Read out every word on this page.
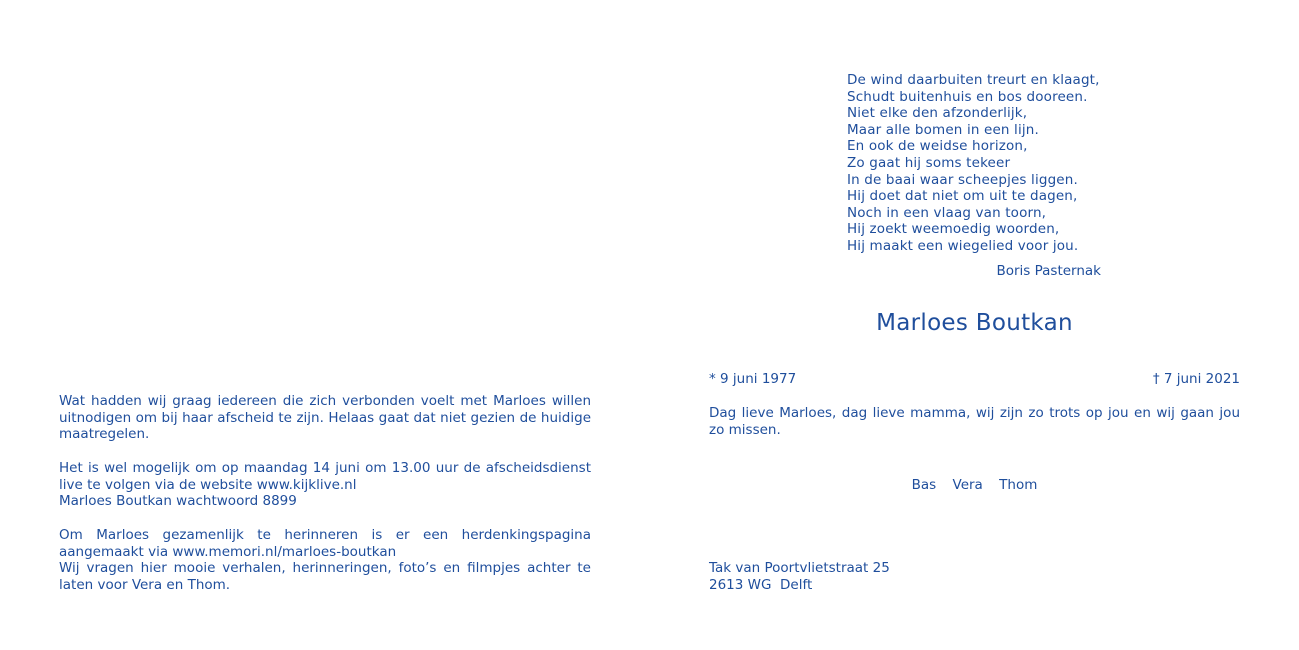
De wind daarbuiten treurt en klaagt,
Schudt buitenhuis en bos dooreen.
Niet elke den afzonderlijk,
Maar alle bomen in een lijn.
En ook de weidse horizon,
Zo gaat hij soms tekeer
In de baai waar scheepjes liggen.
Hij doet dat niet om uit te dagen,
Noch in een vlaag van toorn,
Hij zoekt weemoedig woorden,
Hij maakt een wiegelied voor jou.
Boris Pasternak
Marloes Boutkan
* 9 juni 1977	† 7 juni 2021
Dag lieve Marloes, dag lieve mamma, wij zijn zo trots op jou en wij gaan jou
zo missen.
Bas Vera Thom
Tak van Poortvlietstraat 25
2613 WG  Delft
Wat hadden wij graag iedereen die zich verbonden voelt met Marloes willen
uitnodigen om bij haar afscheid te zijn. Helaas gaat dat niet gezien de huidige
maatregelen.
Het is wel mogelijk om op maandag 14 juni om 13.00 uur de afscheidsdienst
live te volgen via de website www.kijklive.nl
Marloes Boutkan wachtwoord 8899
Om Marloes gezamenlijk te herinneren is er een herdenkingspagina
aangemaakt via www.memori.nl/marloes-boutkan
Wij vragen hier mooie verhalen, herinneringen, foto’s en filmpjes achter te
laten voor Vera en Thom.
